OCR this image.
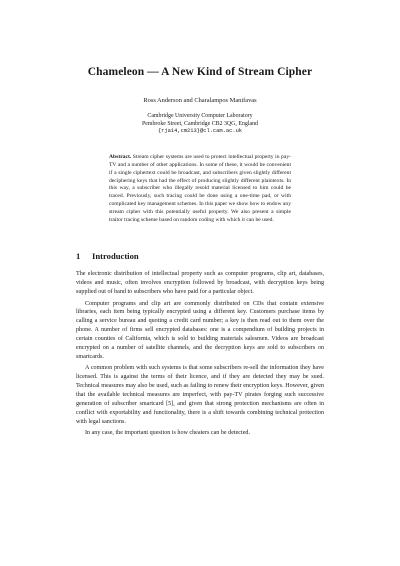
Chameleon — A New Kind of Stream Cipher
Ross Anderson and Charalampos Manifavas
Cambridge University Computer Laboratory
Pembroke Street, Cambridge CB2 3QG, England
{rja14,cm213}@cl.cam.ac.uk
Abstract. Stream cipher systems are used to protect intellectual property in pay-TV and a number of other applications. In some of these, it would be convenient if a single ciphertext could be broadcast, and subscribers given slightly different deciphering keys that had the effect of producing slightly different plaintexts. In this way, a subscriber who illegally resold material licensed to him could be traced. Previously, such tracing could be done using a one-time pad, or with complicated key management schemes. In this paper we show how to endow any stream cipher with this potentially useful property. We also present a simple traitor tracing scheme based on random coding with which it can be used.
1 Introduction

The electronic distribution of intellectual property such as computer programs, clip art, databases, videos and music, often involves encryption followed by broadcast, with decryption keys being supplied out of band to subscribers who have paid for a particular object.

Computer programs and clip art are commonly distributed on CDs that contain extensive libraries, each item being typically encrypted using a different key. Customers purchase items by calling a service bureau and quoting a credit card number; a key is then read out to them over the phone. A number of firms sell encrypted databases: one is a compendium of building projects in certain counties of California, which is sold to building materials salesmen. Videos are broadcast encrypted on a number of satellite channels, and the decryption keys are sold to subscribers on smartcards.

A common problem with such systems is that some subscribers re-sell the information they have licensed. This is against the terms of their licence, and if they are detected they may be sued. Technical measures may also be used, such as failing to renew their encryption keys. However, given that the available technical measures are imperfect, with pay-TV pirates forging such successive generation of subscriber smartcard [5], and given that strong protection mechanisms are often in conflict with exportability and functionality, there is a shift towards combining technical protection with legal sanctions.

In any case, the important question is how cheaters can be detected.
